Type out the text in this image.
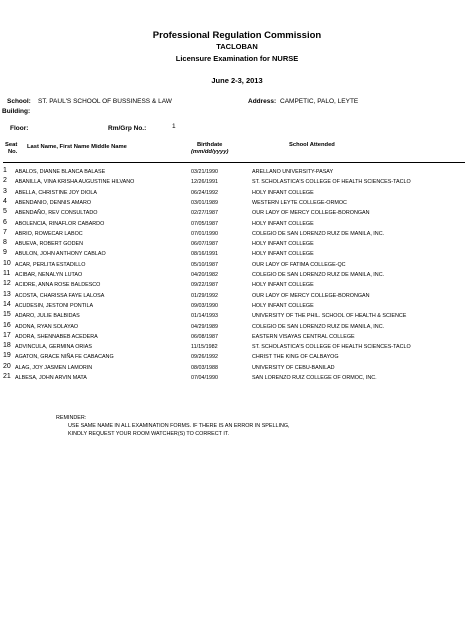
Professional Regulation Commission
TACLOBAN
Licensure Examination for NURSE
June 2-3, 2013
School: ST. PAUL'S SCHOOL OF BUSSINESS & LAW	Address: CAMPETIC, PALO, LEYTE
Building:
Floor:	Rm/Grp No.:	1
Seat
No.
Last Name, First Name Middle Name	Birthdate
(mm/dd/yyyy)
School Attended
1 ABALOS, DIANNE BLANCA BALASE	03/21/1990	ARELLANO UNIVERSITY-PASAY
2 ABANILLA, VINA KRISHA AUGUSTINE HILVANO	12/26/1991	ST. SCHOLASTICA'S COLLEGE OF HEALTH SCIENCES-TACLO
3 ABELLA, CHRISTINE JOY DIOLA	06/24/1992	HOLY INFANT COLLEGE
4 ABENDANIO, DENNIS AMARO	03/01/1989	WESTERN LEYTE COLLEGE-ORMOC
5 ABENDAÑO, REV CONSULTADO	02/27/1987	OUR LADY OF MERCY COLLEGE-BORONGAN
6 ABOLENCIA, RINAFLOR CABARDO	07/05/1987	HOLY INFANT COLLEGE
7 ABRIO, ROWECAR LABOC	07/01/1990	COLEGIO DE SAN LORENZO RUIZ DE MANILA, INC.
8 ABUEVA, ROBERT GODEN	06/07/1987	HOLY INFANT COLLEGE
9 ABULON, JOHN ANTHONY CABLAO	08/16/1991	HOLY INFANT COLLEGE
10 ACAR, PERLITA ESTADILLO	05/10/1987	OUR LADY OF FATIMA COLLEGE-QC
11 ACIBAR, NENALYN LUTAO	04/20/1982	COLEGIO DE SAN LORENZO RUIZ DE MANILA, INC.
12 ACIDRE, ANNA ROSE BALDESCO	09/22/1987	HOLY INFANT COLLEGE
13 ACOSTA, CHARISSA FAYE LALOSA	01/29/1992	OUR LADY OF MERCY COLLEGE-BORONGAN
14 ACUDESIN, JESTONI PONTILA	09/03/1990	HOLY INFANT COLLEGE
15 ADARO, JULIE BALBIDAS	01/14/1993	UNIVERSITY OF THE PHIL. SCHOOL OF HEALTH & SCIENCE
16 ADONA, RYAN SOLAYAO	04/29/1989	COLEGIO DE SAN LORENZO RUIZ DE MANILA, INC.
17 ADORA, SHENNABEB ACEDERA	06/08/1987	EASTERN VISAYAS CENTRAL COLLEGE
18 ADVINCULA, GERMINA ORIAS	11/15/1982	ST. SCHOLASTICA'S COLLEGE OF HEALTH SCIENCES-TACLO
19 AGATON, GRACE NIÑA FE CABACANG	09/26/1992	CHRIST THE KING OF CALBAYOG
20 ALAG, JOY JASMEN LAMORIN	08/03/1988	UNIVERSITY OF CEBU-BANILAD
21 ALBESA, JOHN ARVIN MATA	07/04/1990	SAN LORENZO RUIZ COLLEGE OF ORMOC, INC.
REMINDER:
USE SAME NAME IN ALL EXAMINATION FORMS. IF THERE IS AN ERROR IN SPELLING,
KINDLY REQUEST YOUR ROOM WATCHER(S) TO CORRECT IT.
